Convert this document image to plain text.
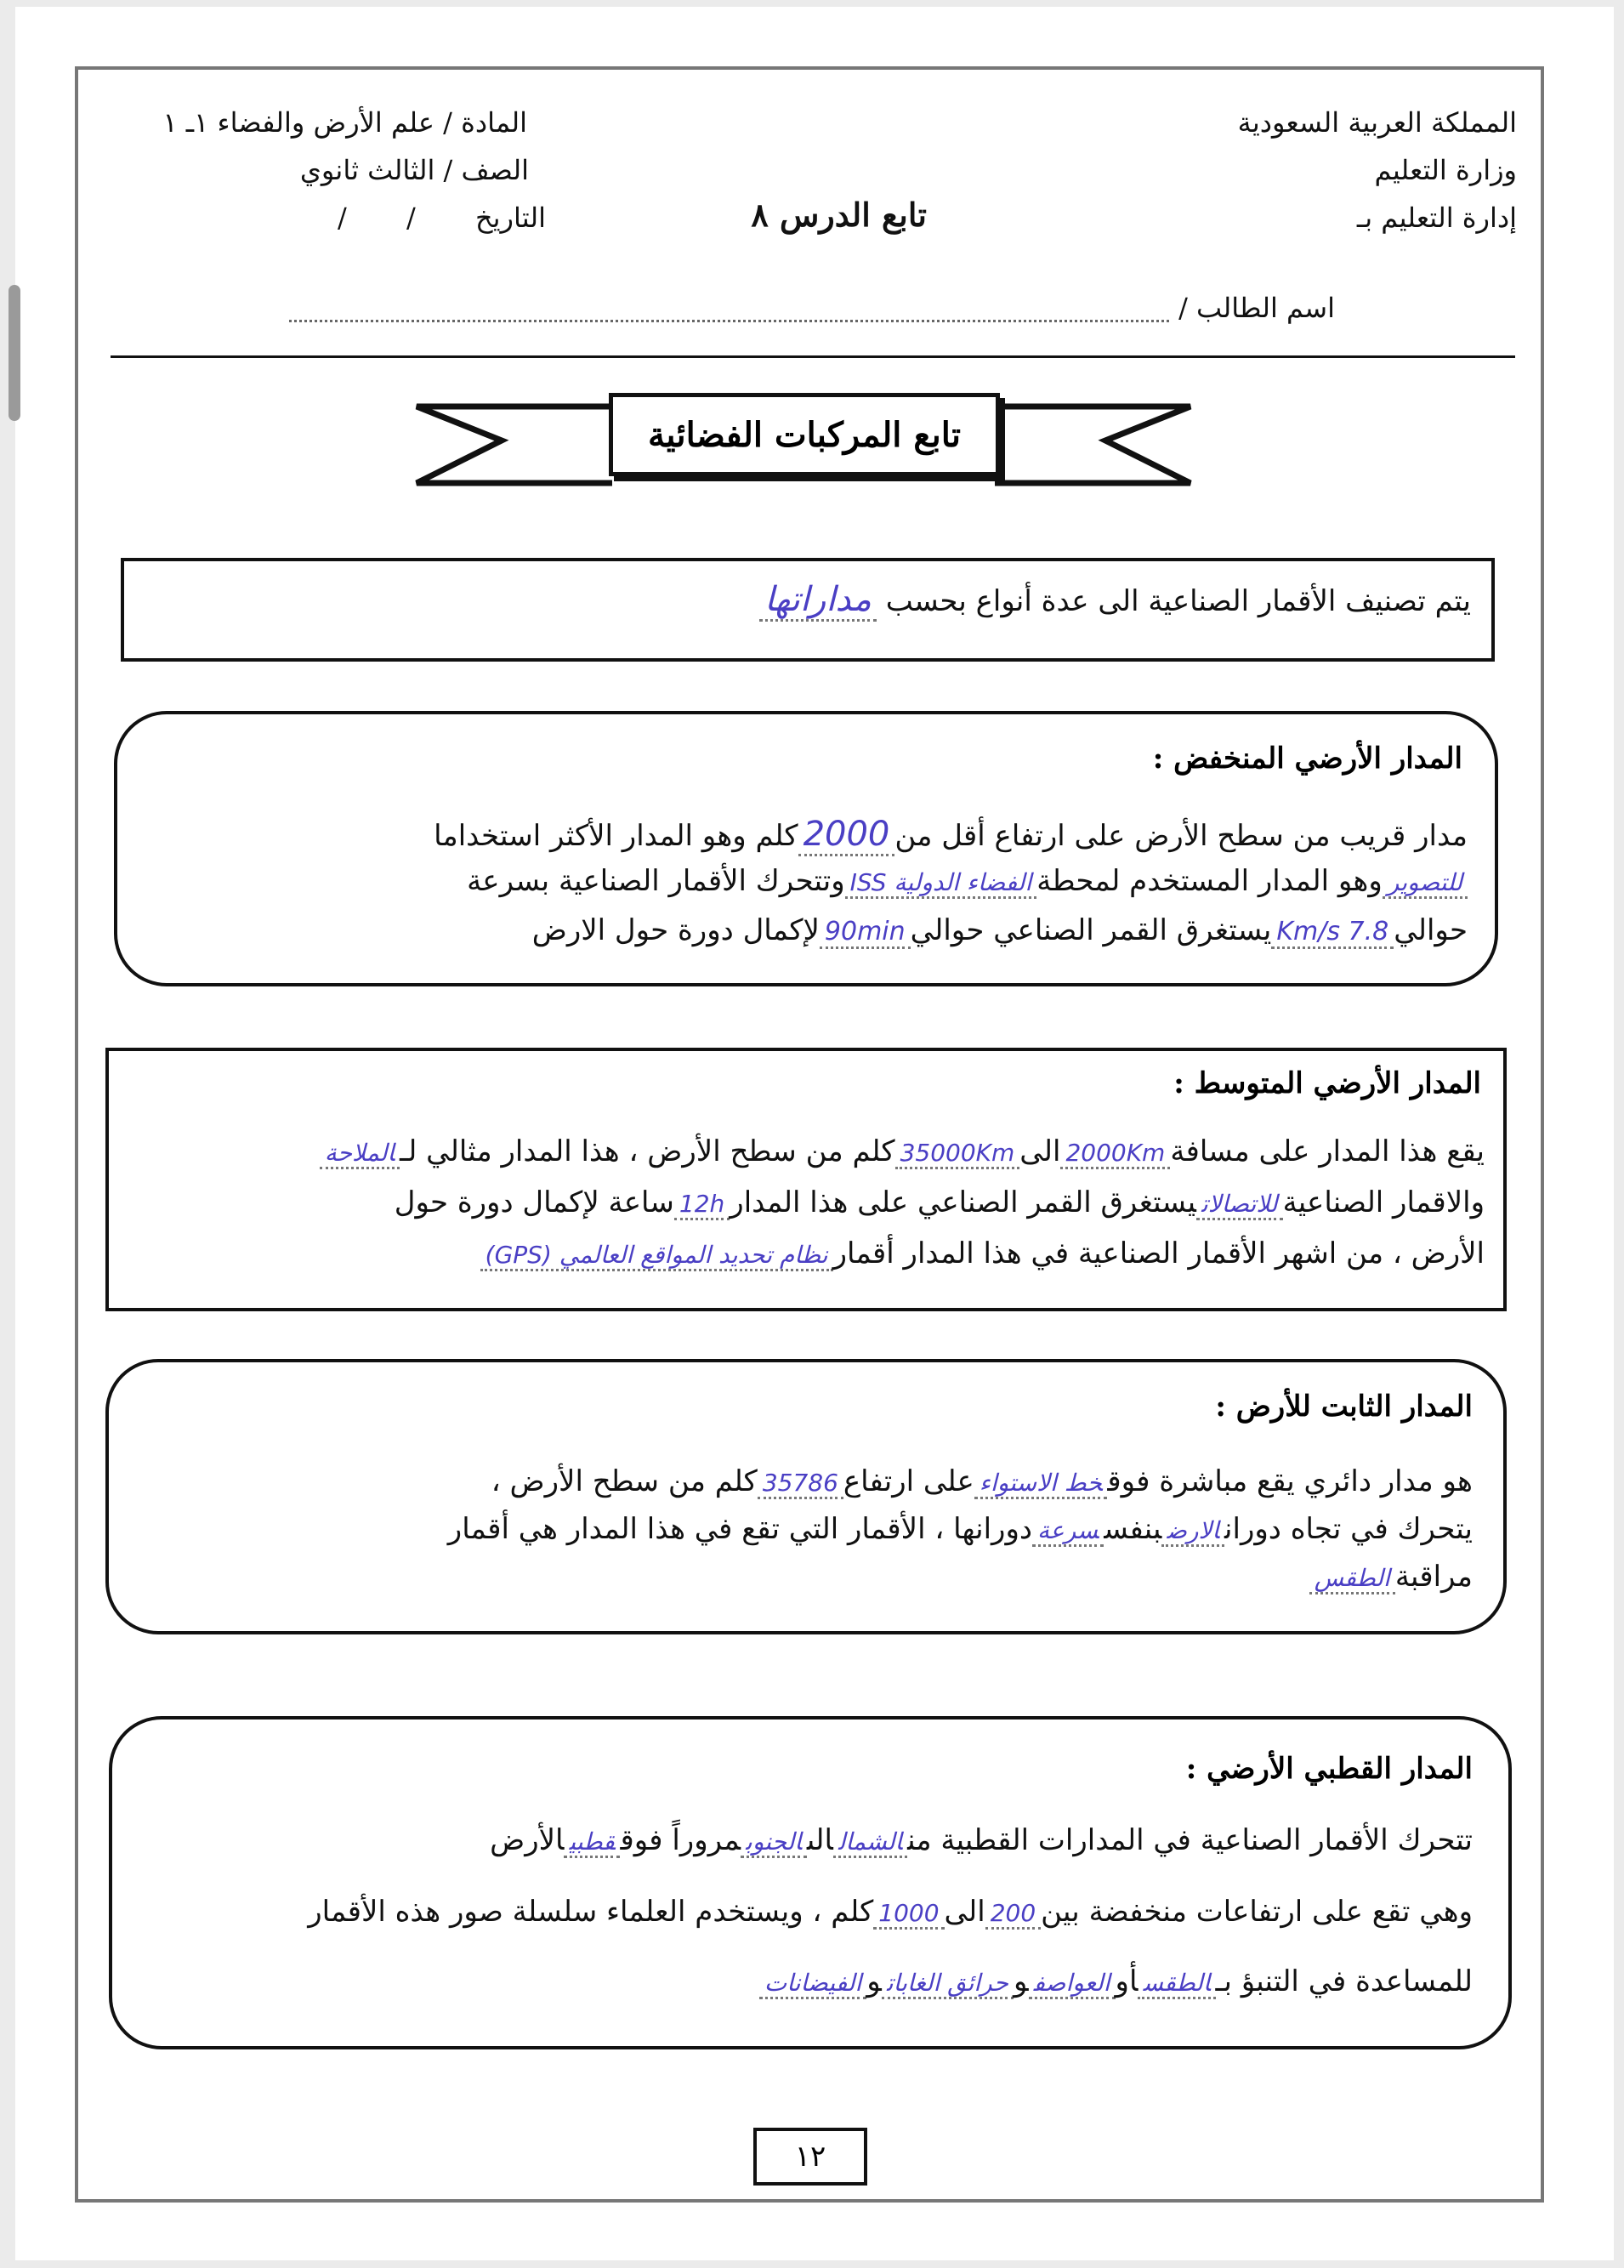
المملكة العربية السعودية
وزارة التعليم
إدارة التعليم بـ
المادة / علم الأرض والفضاء ١ـ ١
الصف / الثالث ثانوي
التاريخ / /	تابع الدرس ٨
اسم الطالب /
تابع المركبات الفضائية
يتم تصنيف الأقمار الصناعية الى عدة أنواع بحسب مداراتها
المدار الأرضي المنخفض :
مدار قريب من سطح الأرض على ارتفاع أقل من2000كلم وهو المدار الأكثر استخداما
للتصويروهو المدار المستخدم لمحطةالفضاء الدولية ISSوتتحرك الأقمار الصناعية بسرعة
حوالي7.8 Km/sيستغرق القمر الصناعي حوالي90minلإكمال دورة حول الارض
المدار الأرضي المتوسط :
يقع هذا المدار على مسافة2000Kmالى35000Kmكلم من سطح الأرض ، هذا المدار مثالي لـالملاحة
والاقمار الصناعيةللاتصالاتيستغرق القمر الصناعي على هذا المدار12hساعة لإكمال دورة حول
الأرض ، من اشهر الأقمار الصناعية في هذا المدار أقمارنظام تحديد المواقع العالمي (GPS)
المدار الثابت للأرض :
هو مدار دائري يقع مباشرة فوقخط الاستواءعلى ارتفاع35786كلم من سطح الأرض ،
يتحرك في تجاه دورانالارضبنفسسرعةدورانها ، الأقمار التي تقع في هذا المدار هي أقمار
مراقبةالطقس
المدار القطبي الأرضي :
تتحرك الأقمار الصناعية في المدارات القطبية منالشمالالىالجنوبمروراً فوققطبيالأرض
وهي تقع على ارتفاعات منخفضة بين200الى1000كلم ، ويستخدم العلماء سلسلة صور هذه الأقمار
للمساعدة في التنبؤ بـالطقسأوالعواصفوحرائق الغاباتوالفيضانات
١٢
